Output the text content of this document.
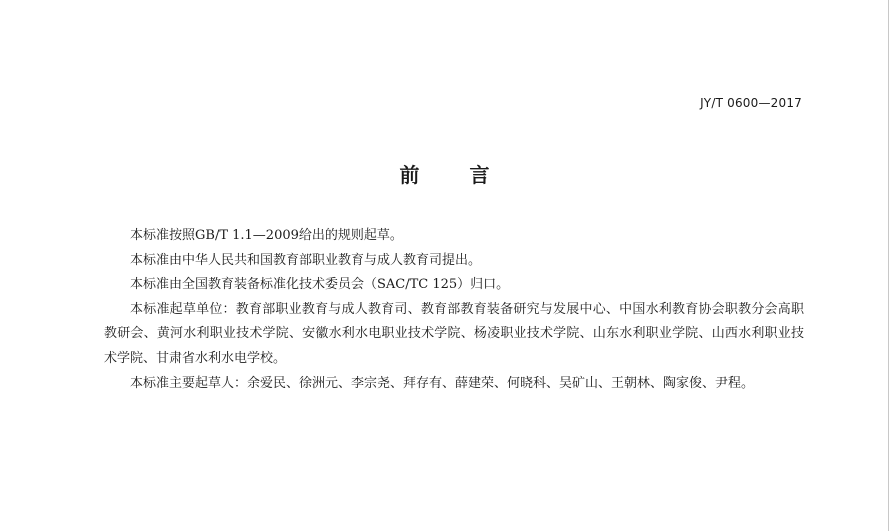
JY/T 0600—2017
前	言

本标准按照GB/T 1.1—2009给出的规则起草。

本标准由中华人民共和国教育部职业教育与成人教育司提出。

本标准由全国教育装备标准化技术委员会（SAC/TC 125）归口。

本标准起草单位：教育部职业教育与成人教育司、教育部教育装备研究与发展中心、中国水利教育协会职教分会高职教研会、黄河水利职业技术学院、安徽水利水电职业技术学院、杨凌职业技术学院、山东水利职业学院、山西水利职业技术学院、甘肃省水利水电学校。

本标准主要起草人：余爱民、徐洲元、李宗尧、拜存有、薛建荣、何晓科、吴矿山、王朝林、陶家俊、尹程。
